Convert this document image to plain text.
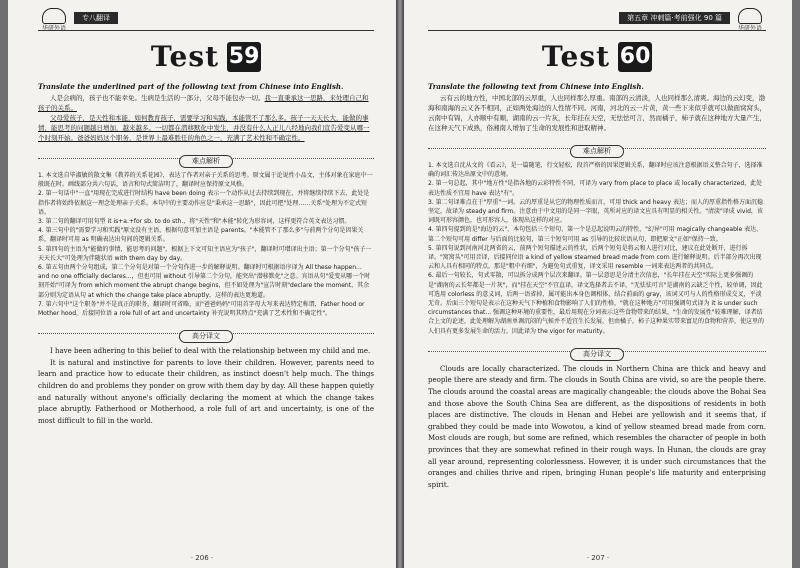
华研外语
专八翻译
Test 59

Translate the underlined part of the following text from Chinese into English.

人是会病的，孩子也不能幸免。生病是生活的一部分，父母不能包办一切。我一直秉承这一思路，来处理自己和孩子的关系。

父母爱孩子，是天性和本能，如何教育孩子，需要学习和实践，本能管不了那么多。孩子一天天长大，能做的事情，能思考的问题越日增加，越来越多。一切都在潜移默化中发生，并没有什么人正儿八经地向我们宣告爱变从哪一个时刻开始。爸爸妈妈这个职务，是世界上最难胜任的角色之一，充满了艺术性和不确定性。

难点解析
1. 本文选自毕淑敏的散文集《教养的关系花园》，表达了作者对亲子关系的思考。原文属于论说性小品文，主体对象在家庭中一般既在时。画线部分共六句话，语言和句式简洁明了，翻译时应保持原文风格。
2. 第一句话中"一直"用现在完成进行时结构 have been doing 表示一个动作从过去持续到现在，并将继续持续下去，此处是指作者将始终依据这一理念处理亲子关系。本句中的主要动作应是"秉承这一思路"，因此可把"处理……关系"处理为不定式短语。
3. 第二句的翻译可用句型 it is+a.+for sb. to do sth.，将"天性"和"本能"转化为形容词，这样更符合英文表达习惯。
4. 第三句中的"需要学习和实践"原文没有主语，根据句意可加主语是 parents。"本能管不了那么多"与前两个分句是因果关系，翻译时可用 as 明确表达出句间的逻辑关系。
5. 第四句的主语为"能做的事情，能思考的问题"，根据上下文可知主语应为"孩子"，翻译时可增译出主语；第一个分句"孩子一天天长大"可处理为伴随状语 with them day by day。
6. 第五句由两个分句组成，第二个分句是对第一个分句作进一步的解释说明。翻译时可根据语序译为 All these happen... and no one officially declares...，但也可用 without 引导第二个分句，能突出"潜移默化"之意。宾语从句"爱变从哪一个时刻开始"可译为 from which moment the abrupt change begins，但不如处理为"宣告时刻"declare the moment，其余部分则为定语从句 at which the change take place abruptly，这样的表达更地道。
7. 第六句中"这个职务"并不是真正的职务，翻译时可省略，而"爸爸妈妈"可用首字母大写来表达特定称谓，Father hood or Mother hood，后接同位语 a role full of art and uncertainty 补充说明其特点"充满了艺术性和不确定性"。
高分译文

I have been adhering to this belief to deal with the relationship between my child and me.

It is natural and instinctive for parents to love their children. However, parents need to learn and practice how to educate their children, as instinct doesn't help much. The things children do and problems they ponder on grow with them day by day. All these happen quietly and naturally without anyone's officially declaring the moment at which the change takes place abruptly. Fatherhood or Motherhood, a role full of art and uncertainty, is one of the most difficult to fill in the world.

· 206 ·
第五章 冲刺篇·考前强化 90 篇
华研外语
Test 60

Translate the following text from Chinese into English.

云有云的地方性，中国北部的云厚重，人也同样那么厚重。南部的云清淡，人也同样那么清爽。海边的云幻变，渤海和南海的云又各不相同，正如两处海边的人性情不同。河南，河北的云一片黄，黄一些下来似乎就可以做面窝窝头，云南中有锦，人亦顺中有顺，湖南的云一片灰，长年挂在天空，无怯怯可言，然而橘子，柿子就在这种地方大量产生，在这种天气下成熟，俗湘南人增加了生命的发展性和进取精神。

难点解析
1. 本文选自沈从文的《看云》，是一篇随笔，行文轻松，段首严格的因果逻辑关系，翻译时应该注意根据语义整合句子，选择准确的词汇传达出原文中的意境。
2. 第一句总起，其中"地方性"是指各地的云彩特性不同，可译为 vary from place to place 或 locally characterized，此处表达性质不宜用 have 表达"有"。
3. 第二句译难点在于"厚重"一词。云的厚重是从它的物理性质而言，可用 thick and heavy 表达；而人的厚重指性格方面沉稳坚定，故译为 steady and firm。注意由于中文用的是同一字眼，英所对应的译文应具有明显的相关性。"清淡"译成 vivid，该词既可形容颜色，也可形容人，体现出这样的对应。
4. 第四句提到的是"海边的云"，本句包括三个短句，第一个是总起说明云的特性，"幻异"可用 magically changeable 表达，第二个短句可用 differ 与后面的比较句，第三个短句可用 as 引导的比较状语从句，即把原文"正如"保持一致。
5. 第四句说到河南河北两省的云，前两个短句描述云的性状，后两个短句是将云和人进行对比，建议在此处断开，进行拆译。"窝窝头"可用音译，后接同位语 a kind of yellow steamed bread made from corn 进行解释说明。后半部分再次出现云和人具有相同的特点，那是"粗中有细"，为避免句式重复，译文采用 resemble 一词来表达两者的共同点。
6. 最后一句较长，句式零散，可以拆分成两个层次来翻译。第一层意思是分清主次信息，"长年挂在天空"实际上更多强调的是"湖南的云长年都是一片灰"，而"挂在天空"不宜直译，译文选择者去不译，"无怯怯可言"是湖南的云缺乏个性，较单调，因此可选用 colorless 的意义词，后两一语省掉，属可能出本身色调相体，结合前面的 gray，该词又可与人的性格形成交叉，平淡无奇。后面三个短句是表示在这种天气下种植和食物影响了人们的性格，"就在这种地方"可用强调句式译为 it is under such circumstances that... 强调这种环境的重要性，最后用现在分词表示这些食物带来的结果，"生命的发展性"较难理解，译者结合上文的论述，此处理解为湖南单调沉闷的气候并不适宜生长发展，但由橘子，柿子这种果实带来富足的食物和营养，使这里的人们具有更多发展生命的活力，因此译为 the vigor for maturity。
高分译文

Clouds are locally characterized. The clouds in Northern China are thick and heavy and people there are steady and firm. The clouds in South China are vivid, so are the people there. The clouds around the coastal areas are magically changeable: the clouds above the Bohai Sea and those above the South China Sea are different, as the dispositions of residents in both places are distinctive. The clouds in Henan and Hebei are yellowish and it seems that, if grabbed they could be made into Wowotou, a kind of yellow steamed bread made from corn. Most clouds are rough, but some are refined, which resembles the character of people in both provinces that they are somewhat refined in their rough ways. In Hunan, the clouds are gray all year around, representing colorlessness. However, it is under such circumstances that the oranges and chilies thrive and ripen, bringing Hunan people's life maturity and enterprising spirit.

· 207 ·
